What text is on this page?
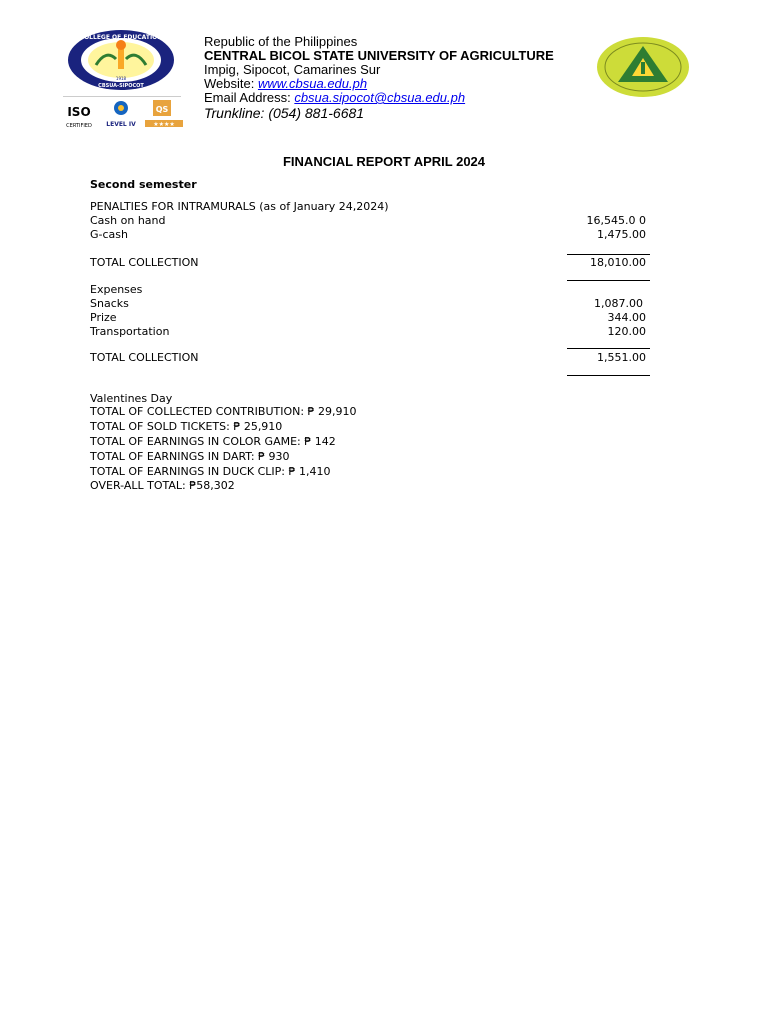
COLLEGE OF EDUCATION
CBSUA-SIPOCOT
1918
ISO
CERTIFIED LEVEL IV
QS
★★★★
Republic of the Philippines
CENTRAL BICOL STATE UNIVERSITY OF AGRICULTURE
Impig, Sipocot, Camarines Sur
Website: www.cbsua.edu.ph
Email Address: cbsua.sipocot@cbsua.edu.ph
Trunkline: (054) 881-6681
FINANCIAL REPORT APRIL 2024
Second semester
PENALTIES FOR INTRAMURALS (as of January 24,2024)
Cash on hand	16,545.0 0
G-cash	1,475.00
TOTAL COLLECTION	18,010.00
Expenses
Snacks	1,087.00
Prize	344.00
Transportation	120.00
TOTAL COLLECTION	1,551.00
Valentines Day
TOTAL OF COLLECTED CONTRIBUTION: ₱ 29,910
TOTAL OF SOLD TICKETS: ₱ 25,910
TOTAL OF EARNINGS IN COLOR GAME: ₱ 142
TOTAL OF EARNINGS IN DART: ₱ 930
TOTAL OF EARNINGS IN DUCK CLIP: ₱ 1,410
OVER-ALL TOTAL: ₱58,302
